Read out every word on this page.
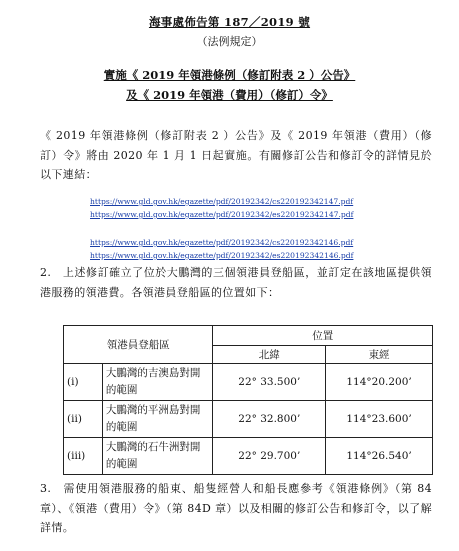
海事處佈告第 187／2019 號
（法例規定）
實施《 2019 年領港條例（修訂附表 2 ）公告》
及《 2019 年領港（費用）（修訂）令》
《 2019 年領港條例（修訂附表 2 ）公告》及《 2019 年領港（費用）（修訂）令》將由 2020 年 1 月 1 日起實施。有關修訂公告和修訂令的詳情見於以下連結：
https://www.gld.gov.hk/egazette/pdf/20192342/cs220192342147.pdf
https://www.gld.gov.hk/egazette/pdf/20192342/es220192342147.pdf
https://www.gld.gov.hk/egazette/pdf/20192342/cs220192342146.pdf
https://www.gld.gov.hk/egazette/pdf/20192342/es220192342146.pdf
2.　上述修訂確立了位於大鵬灣的三個領港員登船區，並訂定在該地區提供領港服務的領港費。各領港員登船區的位置如下：
領港員登船區		位置	
		北緯	東經
(i)	大鵬灣的吉澳島對開的範圍	22° 33.500’	114°20.200’
(ii)	大鵬灣的平洲島對開的範圍	22° 32.800’	114°23.600’
(iii)	大鵬灣的石牛洲對開的範圍	22° 29.700’	114°26.540’
3.　需使用領港服務的船東、船隻經營人和船長應參考《領港條例》（第 84 章）、《領港（費用）令》（第 84D 章）以及相關的修訂公告和修訂令，以了解詳情。
